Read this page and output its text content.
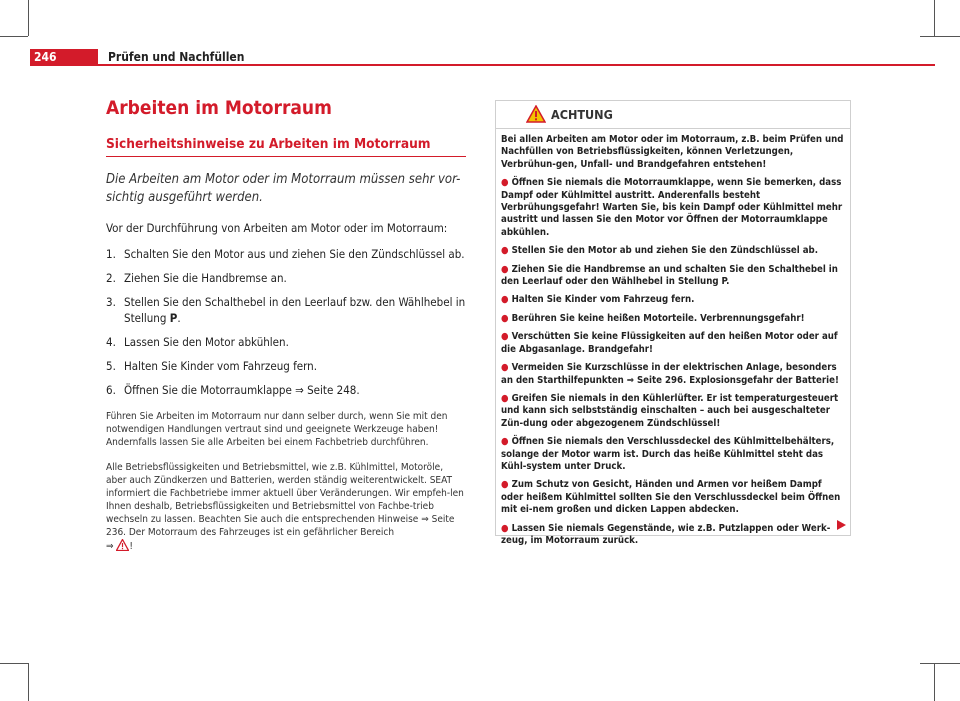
246	Prüfen und Nachfüllen
Arbeiten im Motorraum
Sicherheitshinweise zu Arbeiten im Motorraum

Die Arbeiten am Motor oder im Motorraum müssen sehr vor-sichtig ausgeführt werden.

Vor der Durchführung von Arbeiten am Motor oder im Motorraum:

1. Schalten Sie den Motor aus und ziehen Sie den Zündschlüssel ab.
2. Ziehen Sie die Handbremse an.
3. Stellen Sie den Schalthebel in den Leerlauf bzw. den Wählhebel in Stellung P.
4. Lassen Sie den Motor abkühlen.
5. Halten Sie Kinder vom Fahrzeug fern.
6. Öffnen Sie die Motorraumklappe ⇒ Seite 248.

Führen Sie Arbeiten im Motorraum nur dann selber durch, wenn Sie mit den notwendigen Handlungen vertraut sind und geeignete Werkzeuge haben! Andernfalls lassen Sie alle Arbeiten bei einem Fachbetrieb durchführen.

Alle Betriebsflüssigkeiten und Betriebsmittel, wie z.B. Kühlmittel, Motoröle, aber auch Zündkerzen und Batterien, werden ständig weiterentwickelt. SEAT informiert die Fachbetriebe immer aktuell über Veränderungen. Wir empfeh-len Ihnen deshalb, Betriebsflüssigkeiten und Betriebsmittel von Fachbe-trieb wechseln zu lassen. Beachten Sie auch die entsprechenden Hinweise ⇒ Seite 236. Der Motorraum des Fahrzeuges ist ein gefährlicher Bereich
⇒ !

ACHTUNG

Bei allen Arbeiten am Motor oder im Motorraum, z.B. beim Prüfen und Nachfüllen von Betriebsflüssigkeiten, können Verletzungen, Verbrühun-gen, Unfall- und Brandgefahren entstehen!

● Öffnen Sie niemals die Motorraumklappe, wenn Sie bemerken, dass Dampf oder Kühlmittel austritt. Anderenfalls besteht Verbrühungsgefahr! Warten Sie, bis kein Dampf oder Kühlmittel mehr austritt und lassen Sie den Motor vor Öffnen der Motorraumklappe abkühlen.

● Stellen Sie den Motor ab und ziehen Sie den Zündschlüssel ab.

● Ziehen Sie die Handbremse an und schalten Sie den Schalthebel in den Leerlauf oder den Wählhebel in Stellung P.

● Halten Sie Kinder vom Fahrzeug fern.

● Berühren Sie keine heißen Motorteile. Verbrennungsgefahr!

● Verschütten Sie keine Flüssigkeiten auf den heißen Motor oder auf die Abgasanlage. Brandgefahr!

● Vermeiden Sie Kurzschlüsse in der elektrischen Anlage, besonders an den Starthilfepunkten ⇒ Seite 296. Explosionsgefahr der Batterie!

● Greifen Sie niemals in den Kühlerlüfter. Er ist temperaturgesteuert und kann sich selbstständig einschalten – auch bei ausgeschalteter Zün-dung oder abgezogenem Zündschlüssel!

● Öffnen Sie niemals den Verschlussdeckel des Kühlmittelbehälters, solange der Motor warm ist. Durch das heiße Kühlmittel steht das Kühl-system unter Druck.

● Zum Schutz von Gesicht, Händen und Armen vor heißem Dampf oder heißem Kühlmittel sollten Sie den Verschlussdeckel beim Öffnen mit ei-nem großen und dicken Lappen abdecken.

● Lassen Sie niemals Gegenstände, wie z.B. Putzlappen oder Werk-zeug, im Motorraum zurück.
